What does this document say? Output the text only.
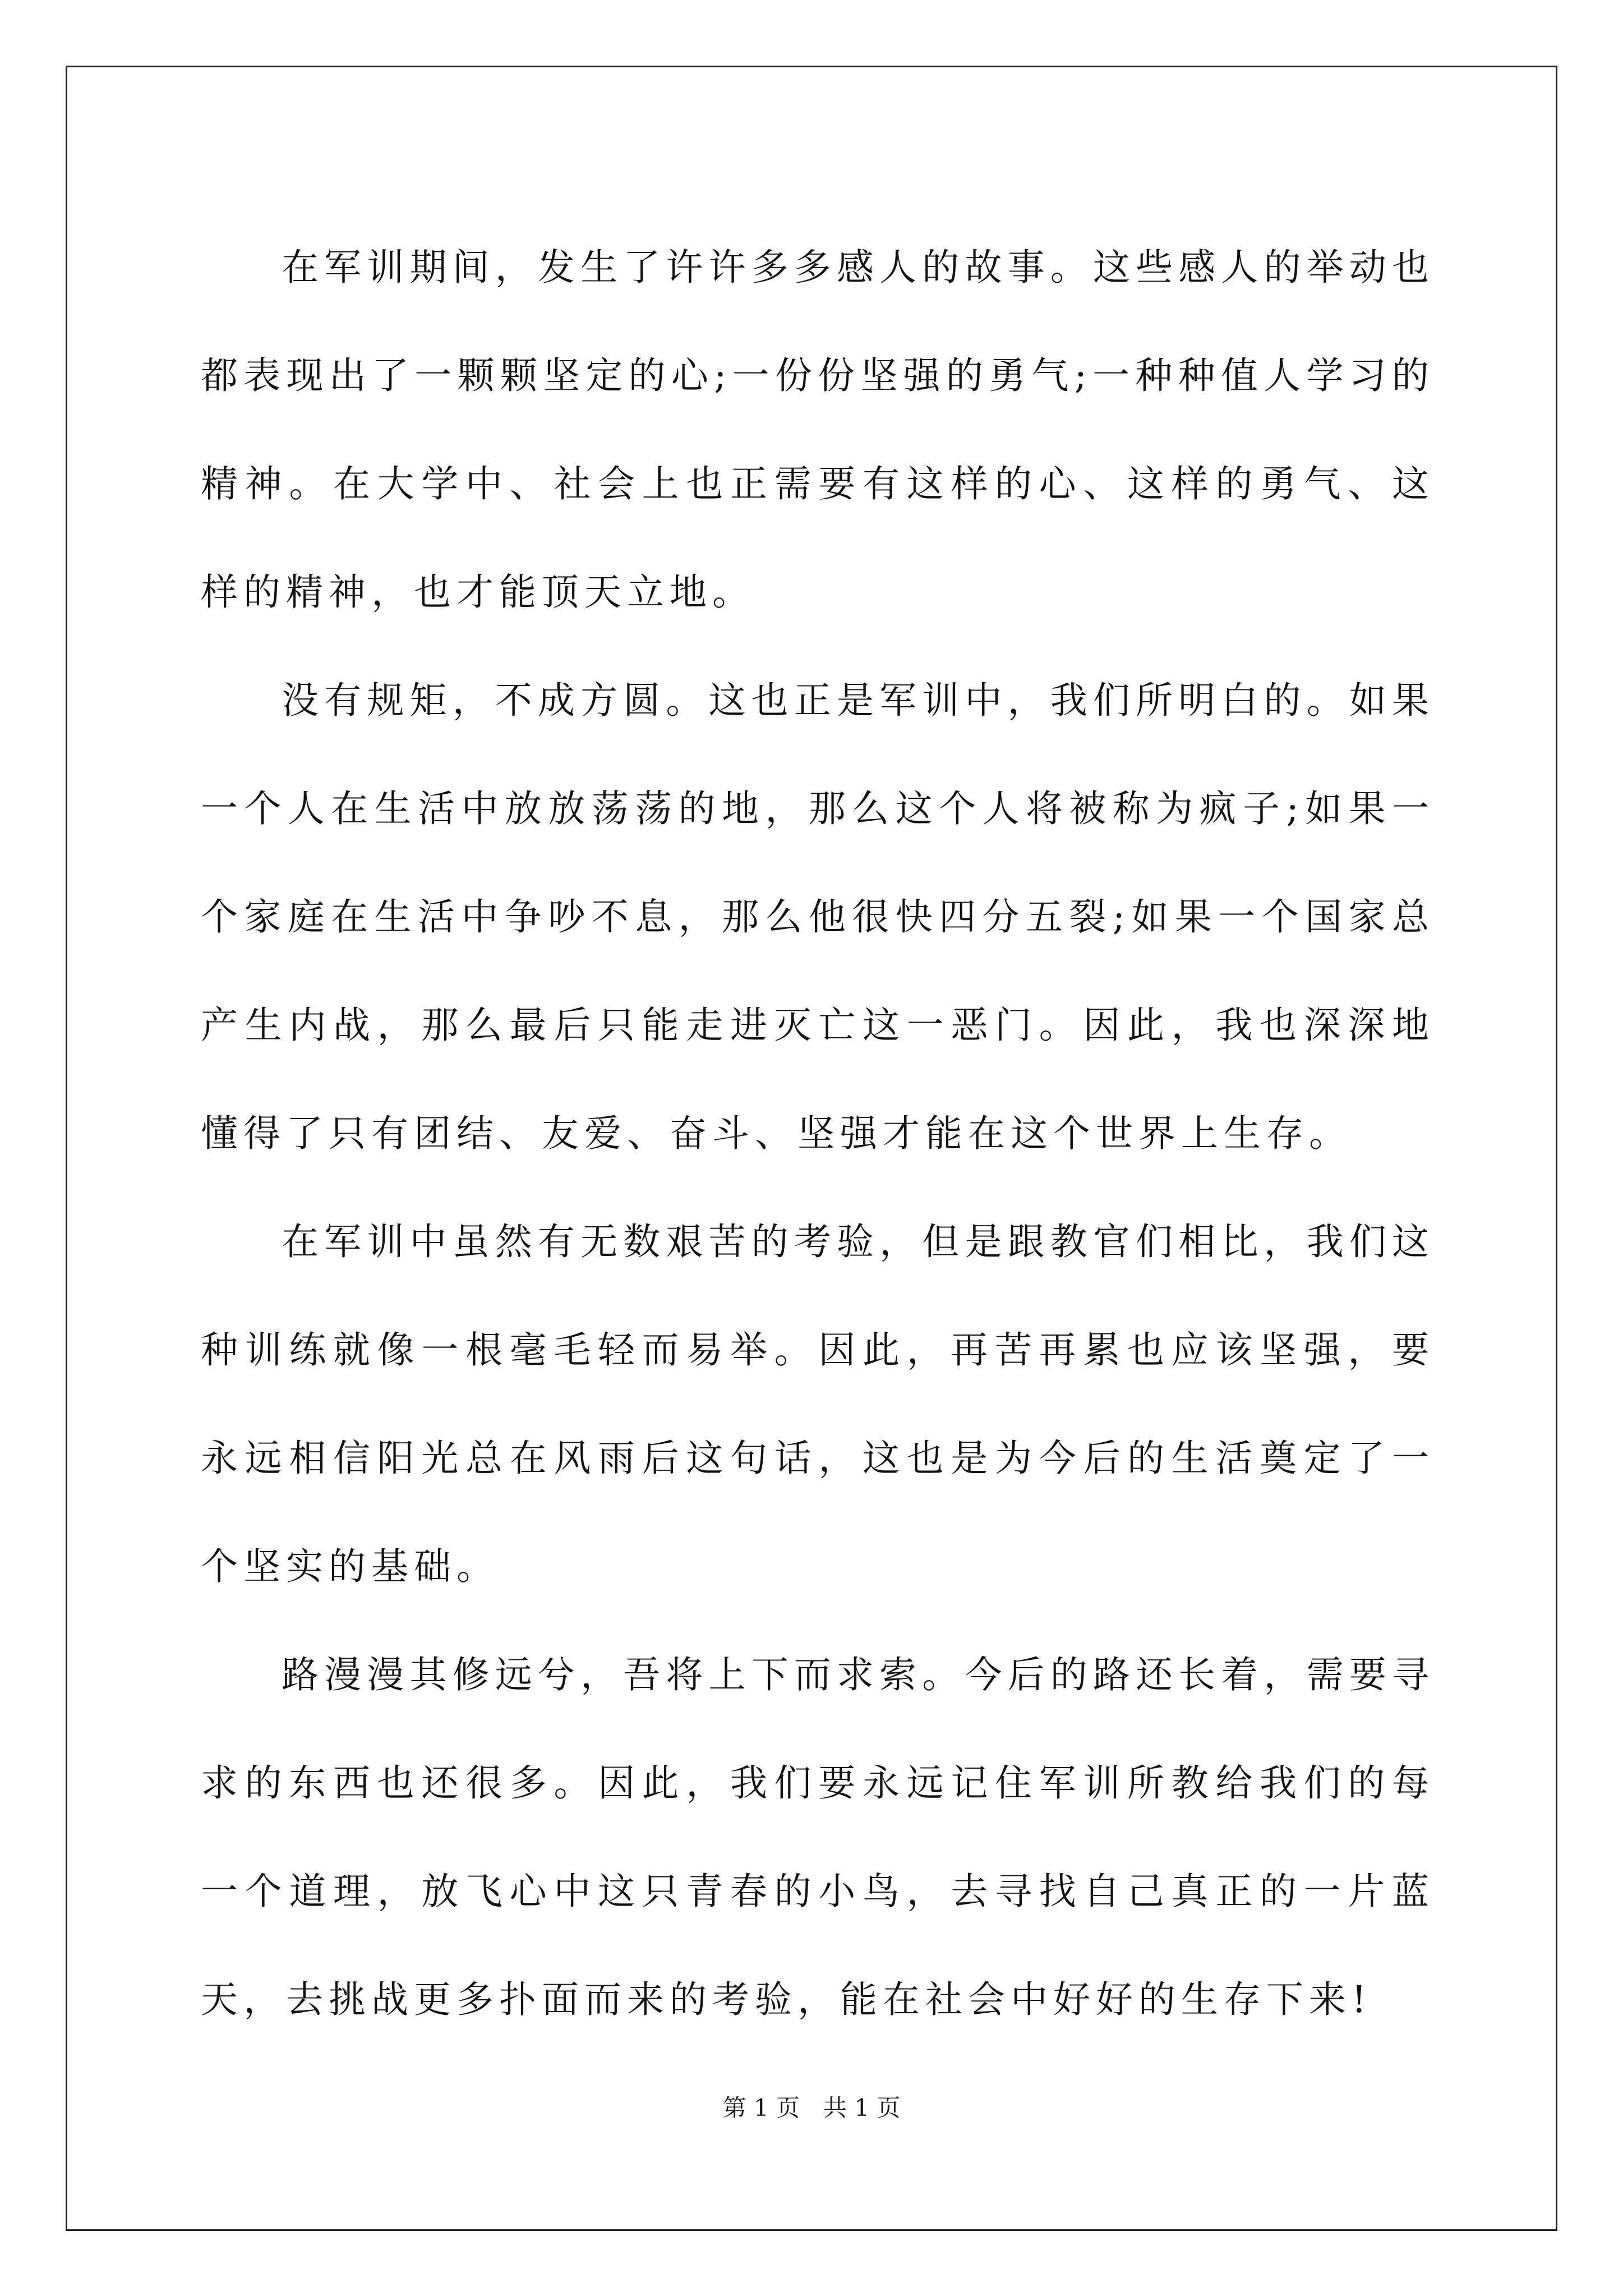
在军训期间，发生了许许多多感人的故事。这些感人的举动也都表现出了一颗颗坚定的心;一份份坚强的勇气;一种种值人学习的精神。在大学中、社会上也正需要有这样的心、这样的勇气、这样的精神，也才能顶天立地。

没有规矩，不成方圆。这也正是军训中，我们所明白的。如果一个人在生活中放放荡荡的地，那么这个人将被称为疯子;如果一个家庭在生活中争吵不息，那么他很快四分五裂;如果一个国家总产生内战，那么最后只能走进灭亡这一恶门。因此，我也深深地懂得了只有团结、友爱、奋斗、坚强才能在这个世界上生存。

在军训中虽然有无数艰苦的考验，但是跟教官们相比，我们这种训练就像一根毫毛轻而易举。因此，再苦再累也应该坚强，要永远相信阳光总在风雨后这句话，这也是为今后的生活奠定了一个坚实的基础。

路漫漫其修远兮，吾将上下而求索。今后的路还长着，需要寻求的东西也还很多。因此，我们要永远记住军训所教给我们的每一个道理，放飞心中这只青春的小鸟，去寻找自己真正的一片蓝天，去挑战更多扑面而来的考验，能在社会中好好的生存下来!

第 1 页　共 1 页
